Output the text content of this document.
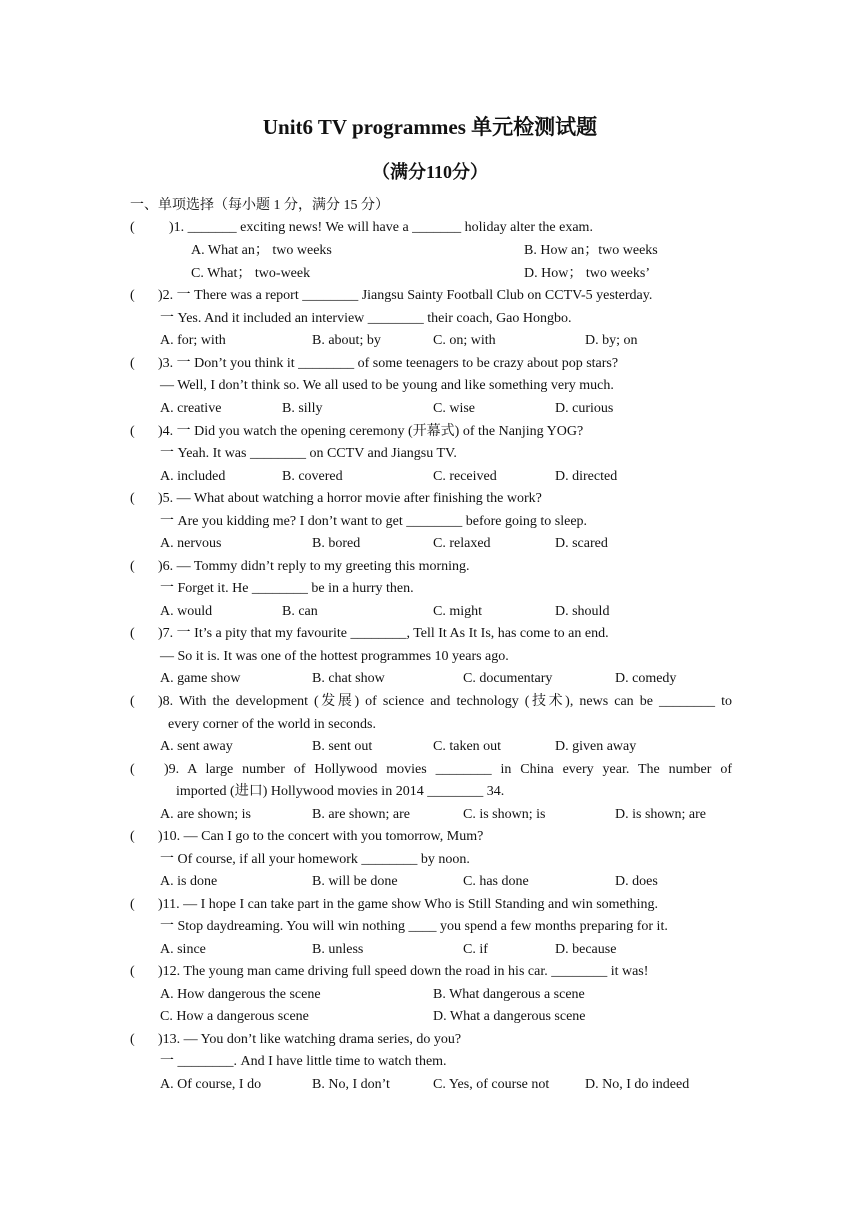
Unit6 TV programmes 单元检测试题
（满分110分）
一、单项选择（每小题 1 分，满分 15 分）
( )1. _______ exciting news! We will have a _______ holiday alter the exam.
A. What an； two weeks	B. How an；two weeks
C. What； two-week	D. How； two weeks’
( )2. 一 There was a report ________ Jiangsu Sainty Football Club on CCTV-5 yesterday.
一 Yes. And it included an interview ________ their coach, Gao Hongbo.
A. for; with	B. about; by	C. on; with	D. by; on
( )3. 一 Don’t you think it ________ of some teenagers to be crazy about pop stars?
— Well, I don’t think so. We all used to be young and like something very much.
A. creative	B. silly	C. wise	D. curious
( )4. 一 Did you watch the opening ceremony (开幕式) of the Nanjing YOG?
一 Yeah. It was ________ on CCTV and Jiangsu TV.
A. included	B. covered	C. received	D. directed
( )5. — What about watching a horror movie after finishing the work?
一 Are you kidding me? I don’t want to get ________ before going to sleep.
A. nervous	B. bored	C. relaxed	D. scared
( )6. — Tommy didn’t reply to my greeting this morning.
一 Forget it. He ________ be in a hurry then.
A. would	B. can	C. might	D. should
( )7. 一 It’s a pity that my favourite ________, Tell It As It Is, has come to an end.
— So it is. It was one of the hottest programmes 10 years ago.
A. game show	B. chat show	C. documentary	D. comedy
( )8. With the development (发展) of science and technology (技术), news can be ________ to
every corner of the world in seconds.
A. sent away	B. sent out	C. taken out	D. given away
( )9. A large number of Hollywood movies ________ in China every year. The number of
imported (进口) Hollywood movies in 2014 ________ 34.
A. are shown; is	B. are shown; are	C. is shown; is	D. is shown; are
( )10. — Can I go to the concert with you tomorrow, Mum?
一 Of course, if all your homework ________ by noon.
A. is done	B. will be done	C. has done	D. does
( )11. — I hope I can take part in the game show Who is Still Standing and win something.
一 Stop daydreaming. You will win nothing ____ you spend a few months preparing for it.
A. since	B. unless	C. if	D. because
( )12. The young man came driving full speed down the road in his car. ________ it was!
A. How dangerous the scene	B. What dangerous a scene
C. How a dangerous scene	D. What a dangerous scene
( )13. — You don’t like watching drama series, do you?
一 ________. And I have little time to watch them.
A. Of course, I do	B. No, I don’t	C. Yes, of course not	D. No, I do indeed
